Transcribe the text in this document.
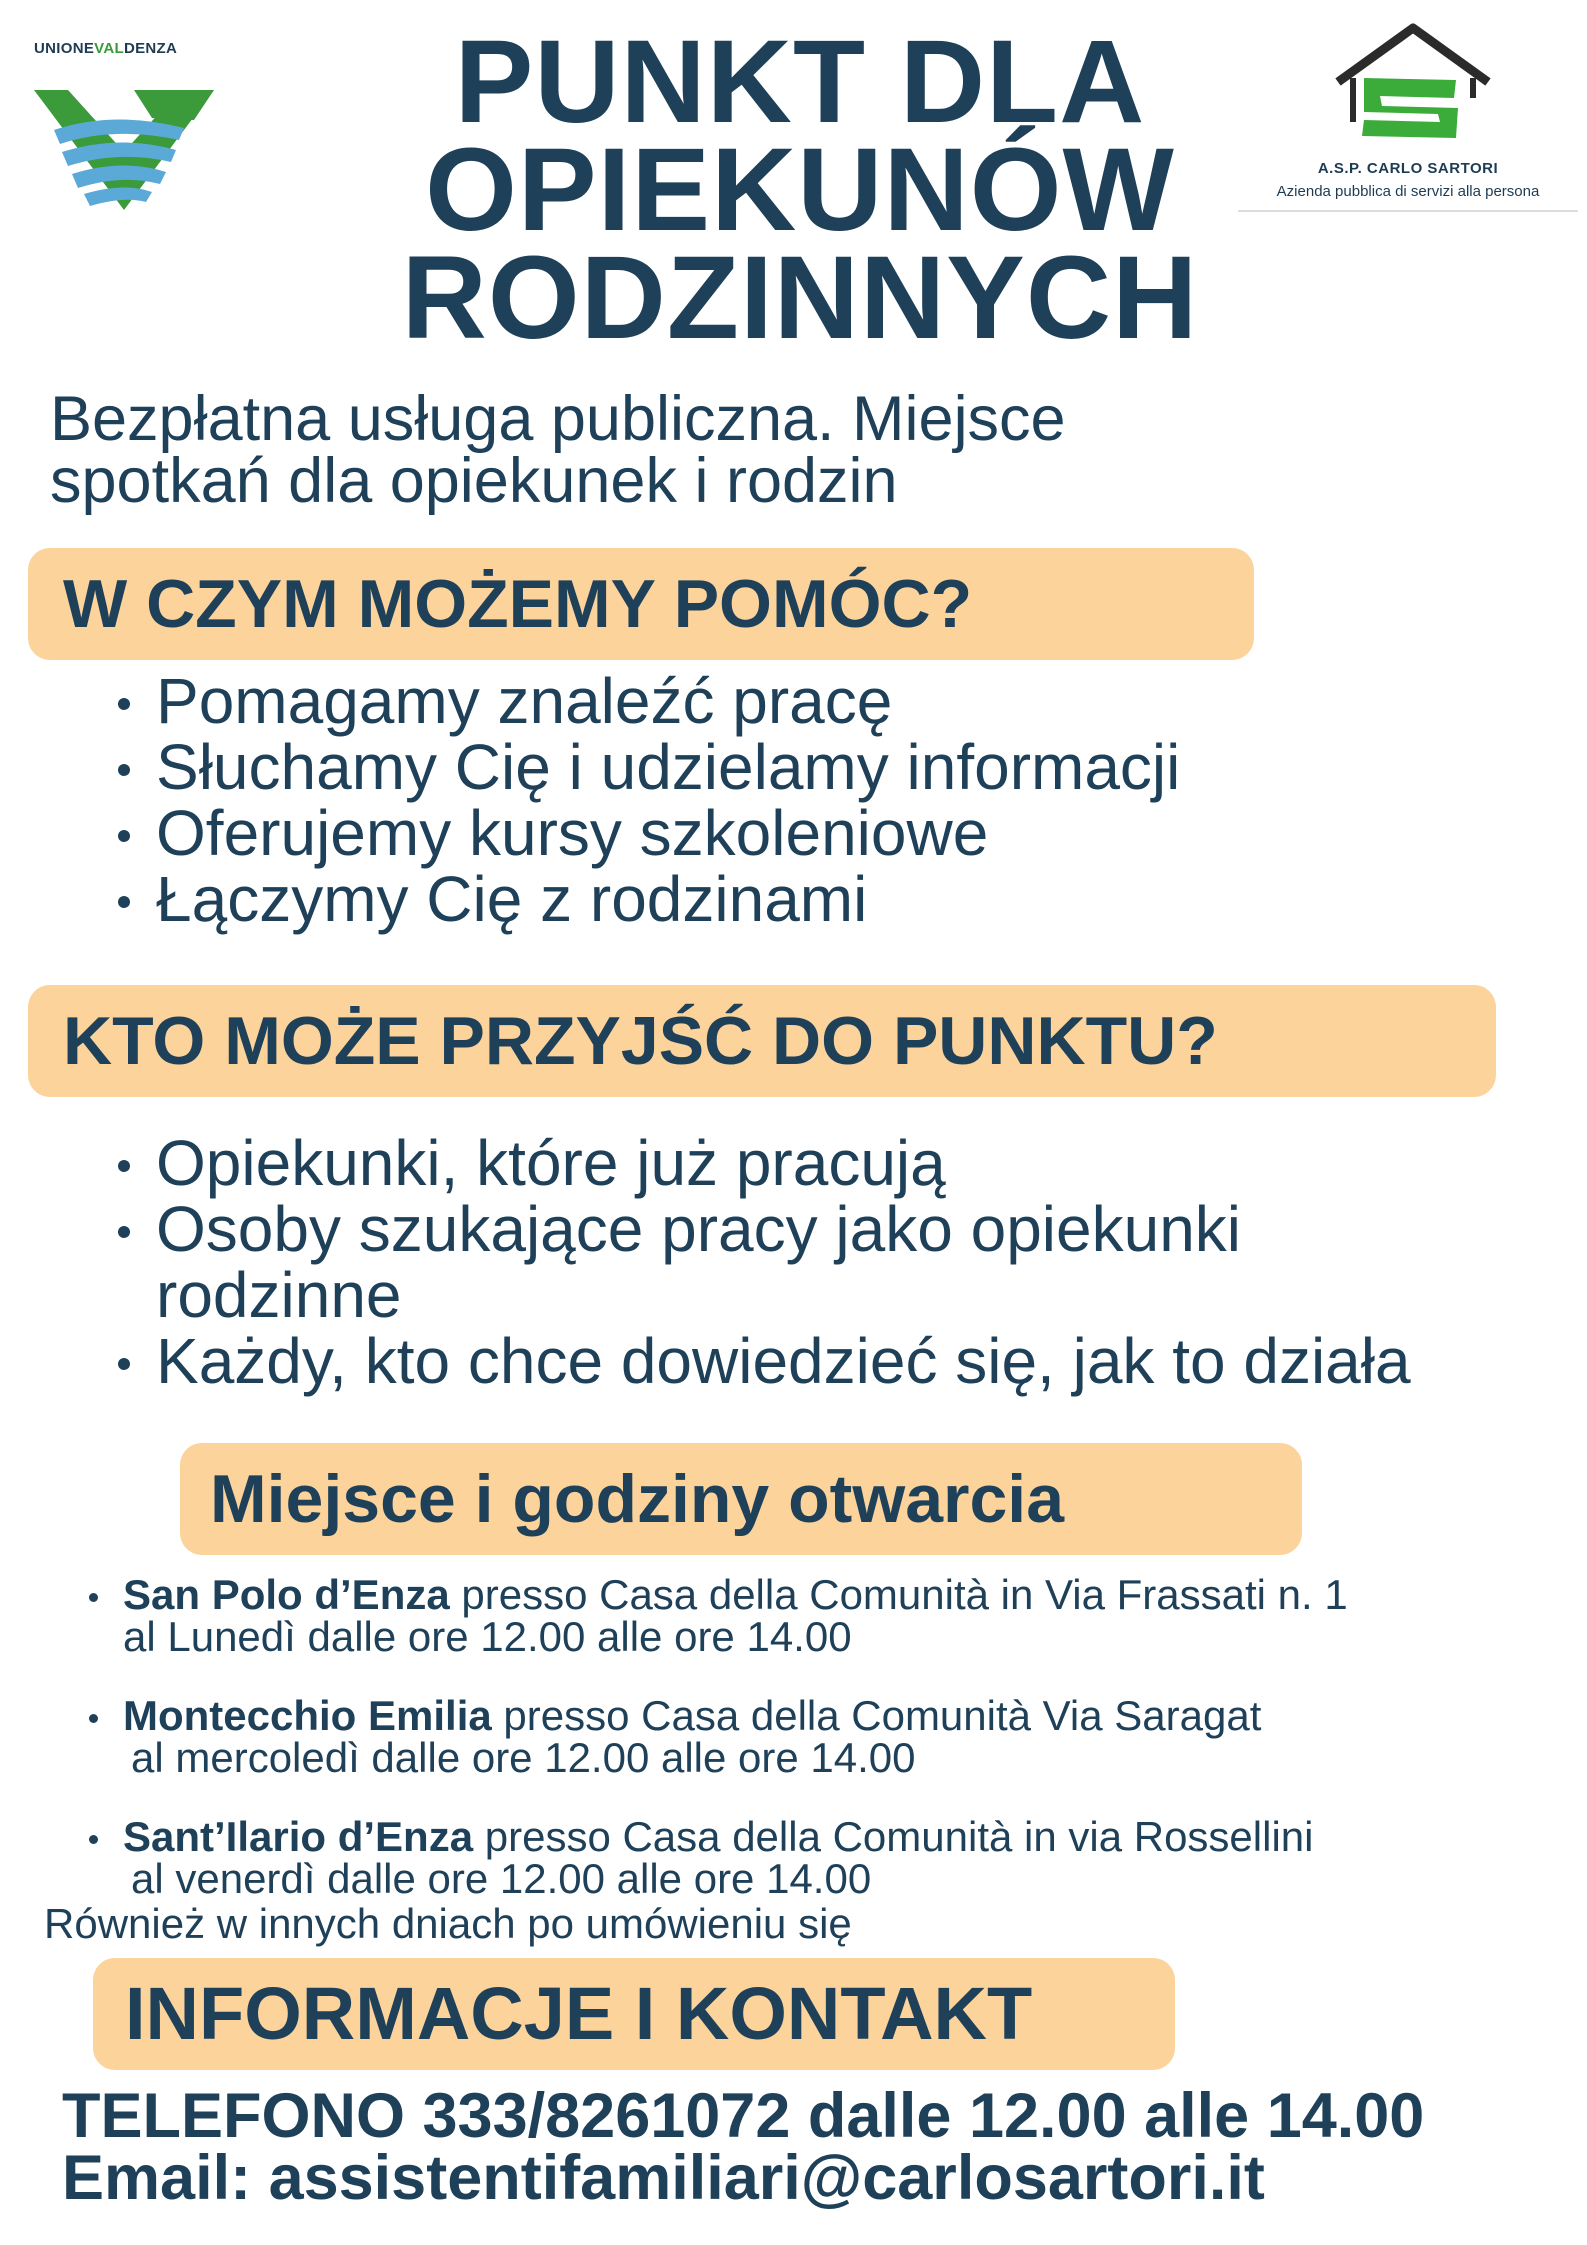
UNIONEVALDENZA
A.S.P. CARLO SARTORI
Azienda pubblica di servizi alla persona
PUNKT DLA
OPIEKUNÓW
RODZINNYCH
Bezpłatna usługa publiczna. Miejsce
spotkań dla opiekunek i rodzin
W CZYM MOŻEMY POMÓC?
Pomagamy znaleźć pracę
Słuchamy Cię i udzielamy informacji
Oferujemy kursy szkoleniowe
Łączymy Cię z rodzinami
KTO MOŻE PRZYJŚĆ DO PUNKTU?
Opiekunki, które już pracują
Osoby szukające pracy jako opiekunki rodzinne
Każdy, kto chce dowiedzieć się, jak to działa
Miejsce i godziny otwarcia
San Polo d’Enza presso Casa della Comunità in Via Frassati n. 1
al Lunedì dalle ore 12.00 alle ore 14.00
Montecchio Emilia presso Casa della Comunità Via Saragat
al mercoledì dalle ore 12.00 alle ore 14.00
Sant’Ilario d’Enza presso Casa della Comunità in via Rossellini
al venerdì dalle ore 12.00 alle ore 14.00
Również w innych dniach po umówieniu się
INFORMACJE I KONTAKT
TELEFONO 333/8261072 dalle 12.00 alle 14.00
Email: assistentifamiliari@carlosartori.it
